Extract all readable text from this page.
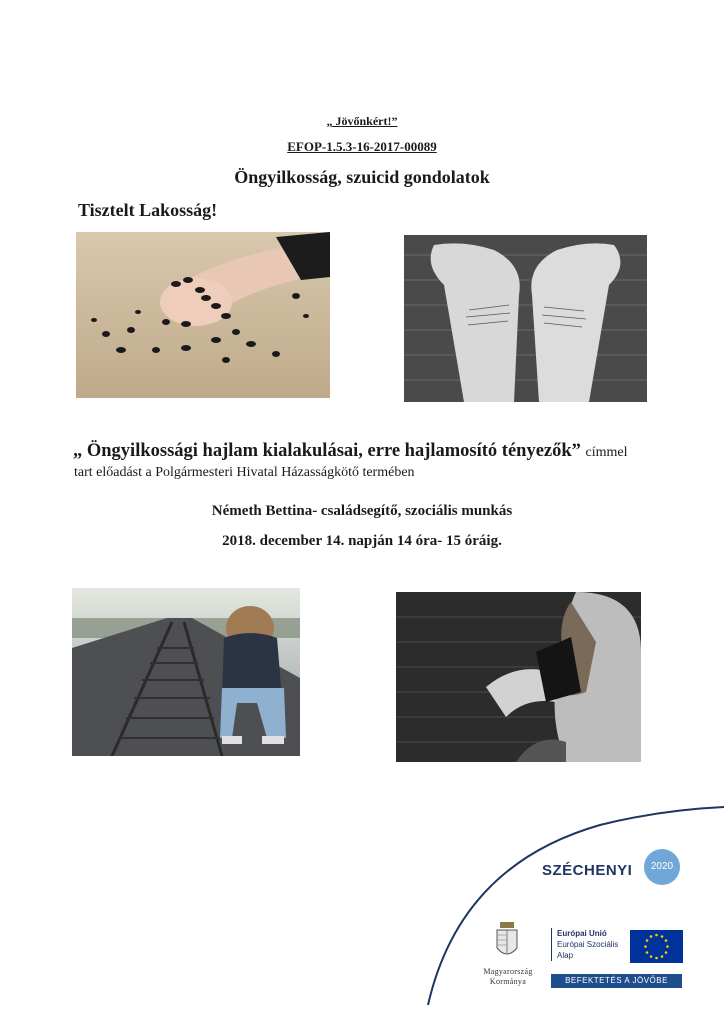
„ Jövőnkért!”
EFOP-1.5.3-16-2017-00089
Öngyilkosság, szuicid gondolatok
Tisztelt Lakosság!
„ Öngyilkossági hajlam kialakulásai, erre hajlamosító tényezők” címmel
tart előadást a Polgármesteri Hivatal Házasságkötő termében
Németh Bettina- családsegítő, szociális munkás
2018. december 14. napján 14 óra- 15 óráig.
SZÉCHENYI	2020
Magyarország
Kormánya
Európai Unió
Európai Szociális
Alap
BEFEKTETÉS A JÖVŐBE
